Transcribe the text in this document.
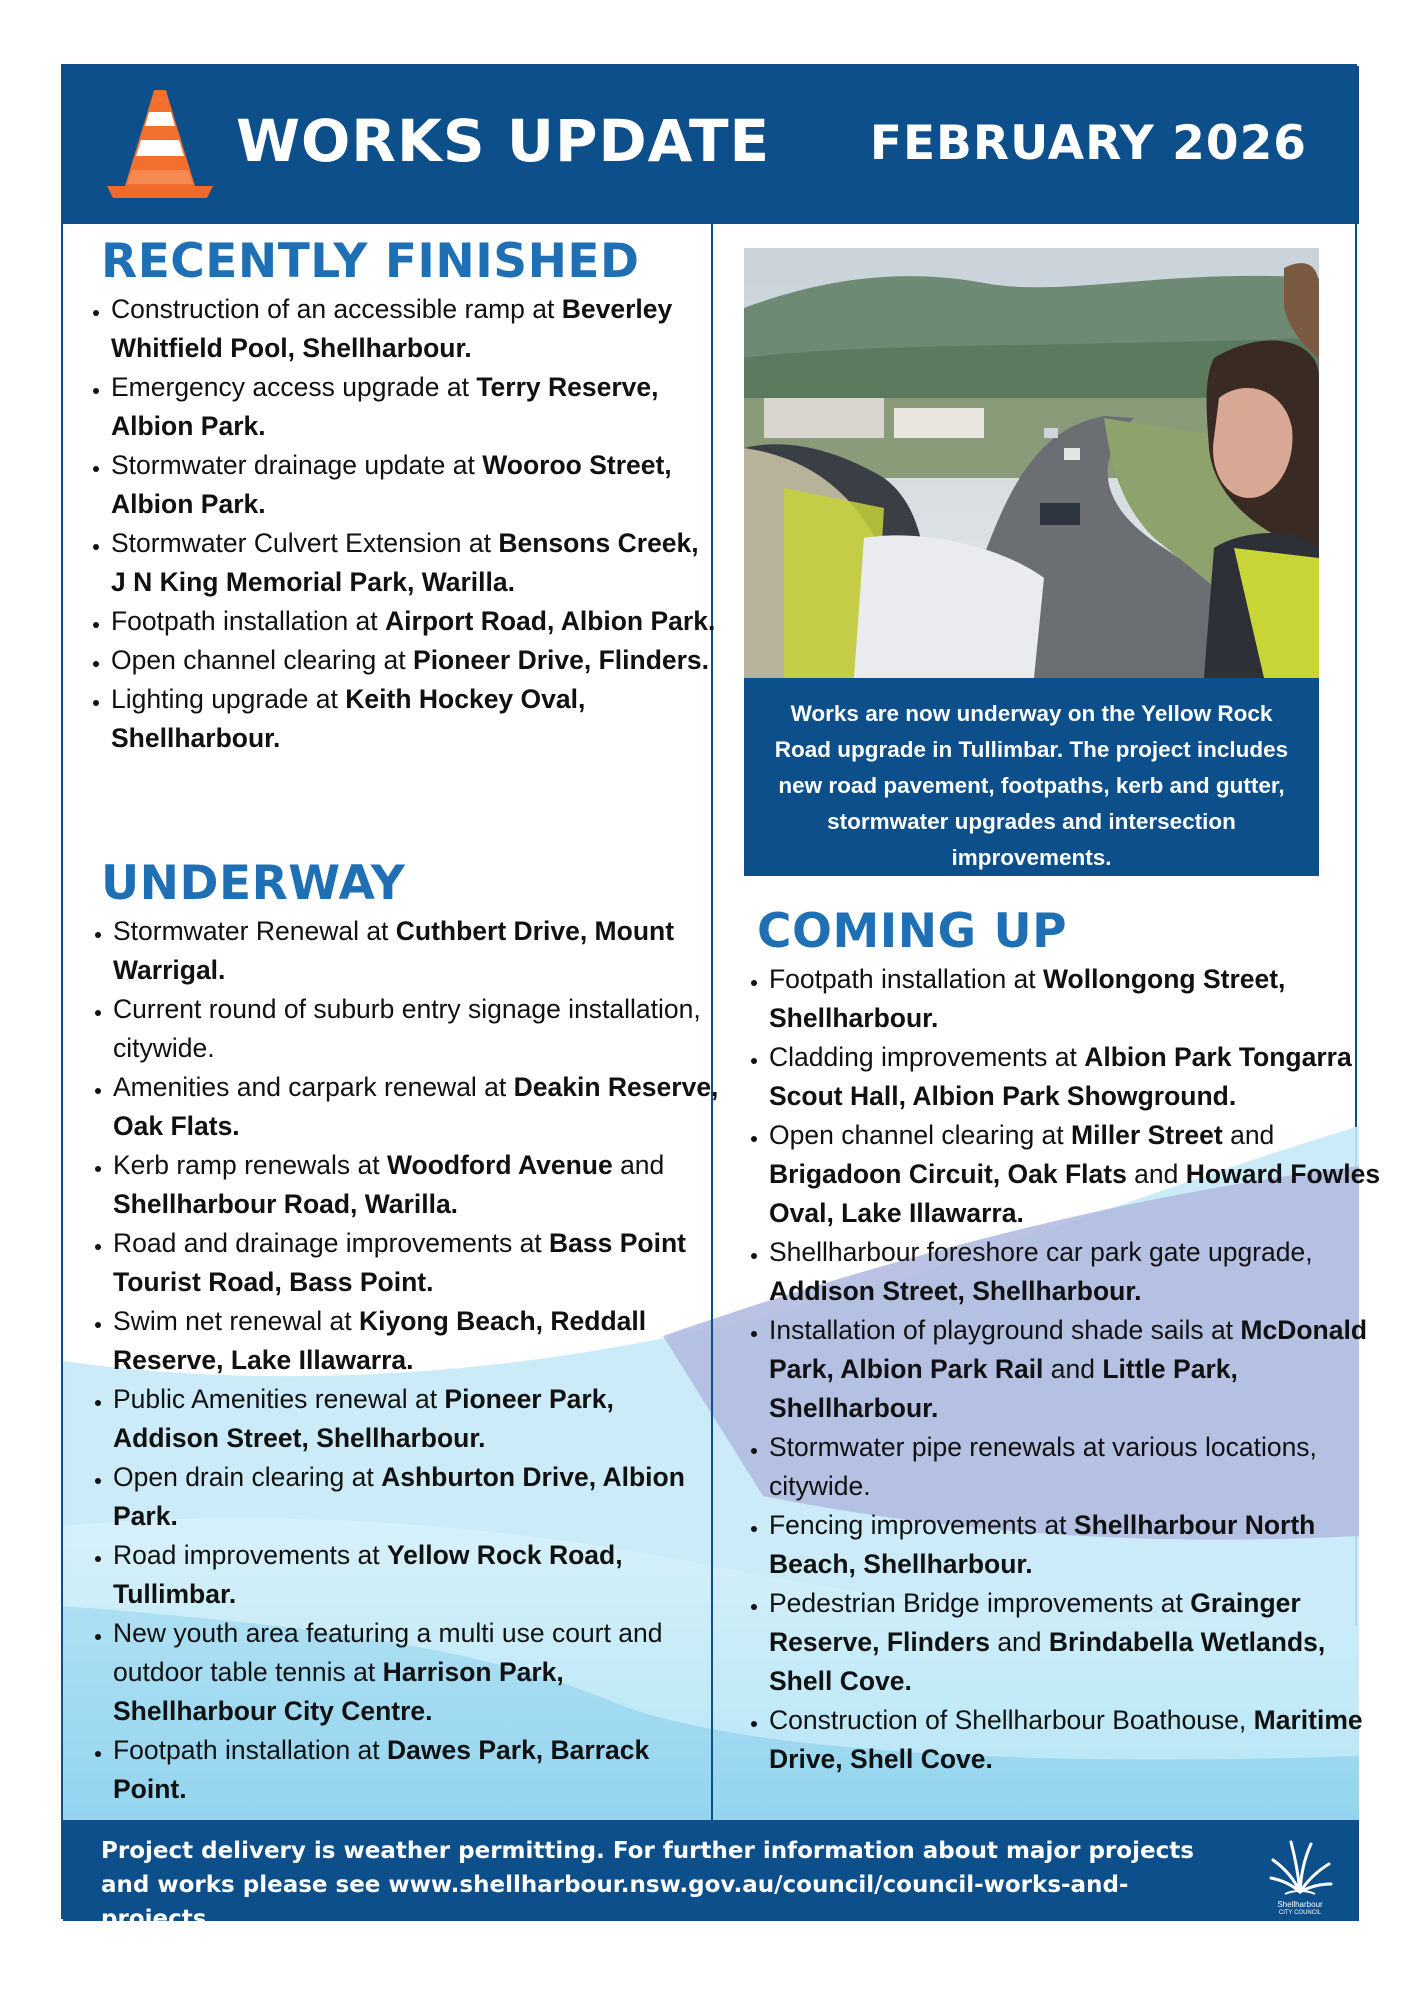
WORKS UPDATE FEBRUARY 2026
RECENTLY FINISHED
• Construction of an accessible ramp at Beverley Whitfield Pool, Shellharbour.
• Emergency access upgrade at Terry Reserve, Albion Park.
• Stormwater drainage update at Wooroo Street, Albion Park.
• Stormwater Culvert Extension at Bensons Creek, J N King Memorial Park, Warilla.
• Footpath installation at Airport Road, Albion Park.
• Open channel clearing at Pioneer Drive, Flinders.
• Lighting upgrade at Keith Hockey Oval, Shellharbour.
UNDERWAY
• Stormwater Renewal at Cuthbert Drive, Mount Warrigal.
• Current round of suburb entry signage installation, citywide.
• Amenities and carpark renewal at Deakin Reserve, Oak Flats.
• Kerb ramp renewals at Woodford Avenue and Shellharbour Road, Warilla.
• Road and drainage improvements at Bass Point Tourist Road, Bass Point.
• Swim net renewal at Kiyong Beach, Reddall Reserve, Lake Illawarra.
• Public Amenities renewal at Pioneer Park, Addison Street, Shellharbour.
• Open drain clearing at Ashburton Drive, Albion Park.
• Road improvements at Yellow Rock Road, Tullimbar.
• New youth area featuring a multi use court and outdoor table tennis at Harrison Park, Shellharbour City Centre.
• Footpath installation at Dawes Park, Barrack Point.
Works are now underway on the Yellow Rock Road upgrade in Tullimbar. The project includes new road pavement, footpaths, kerb and gutter, stormwater upgrades and intersection improvements.
COMING UP
• Footpath installation at Wollongong Street, Shellharbour.
• Cladding improvements at Albion Park Tongarra Scout Hall, Albion Park Showground.
• Open channel clearing at Miller Street and Brigadoon Circuit, Oak Flats and Howard Fowles Oval, Lake Illawarra.
• Shellharbour foreshore car park gate upgrade, Addison Street, Shellharbour.
• Installation of playground shade sails at McDonald Park, Albion Park Rail and Little Park, Shellharbour.
• Stormwater pipe renewals at various locations, citywide.
• Fencing improvements at Shellharbour North Beach, Shellharbour.
• Pedestrian Bridge improvements at Grainger Reserve, Flinders and Brindabella Wetlands, Shell Cove.
• Construction of Shellharbour Boathouse, Maritime Drive, Shell Cove.
Project delivery is weather permitting. For further information about major projects and works please see www.shellharbour.nsw.gov.au/council/council-works-and-projects
Shellharbour
CITY COUNCIL
